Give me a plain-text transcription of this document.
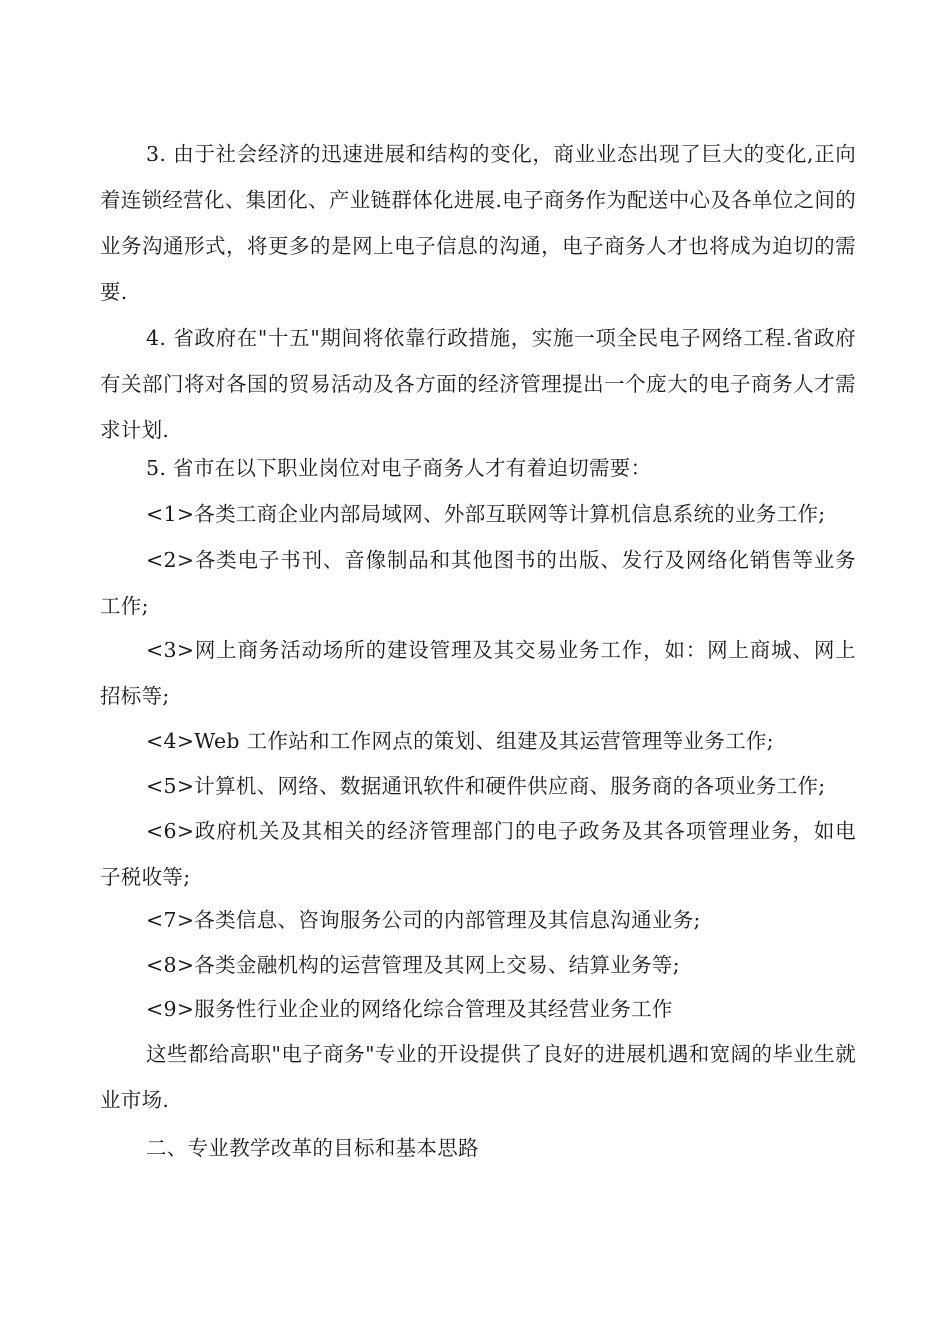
3. 由于社会经济的迅速进展和结构的变化，商业业态出现了巨大的变化,正向着连锁经营化、集团化、产业链群体化进展.电子商务作为配送中心及各单位之间的业务沟通形式，将更多的是网上电子信息的沟通，电子商务人才也将成为迫切的需要.

4. 省政府在"十五"期间将依靠行政措施，实施一项全民电子网络工程.省政府有关部门将对各国的贸易活动及各方面的经济管理提出一个庞大的电子商务人才需求计划.

5. 省市在以下职业岗位对电子商务人才有着迫切需要：

<1>各类工商企业内部局域网、外部互联网等计算机信息系统的业务工作;

<2>各类电子书刊、音像制品和其他图书的出版、发行及网络化销售等业务工作;

<3>网上商务活动场所的建设管理及其交易业务工作，如：网上商城、网上招标等;

<4>Web 工作站和工作网点的策划、组建及其运营管理等业务工作;

<5>计算机、网络、数据通讯软件和硬件供应商、服务商的各项业务工作;

<6>政府机关及其相关的经济管理部门的电子政务及其各项管理业务，如电子税收等;

<7>各类信息、咨询服务公司的内部管理及其信息沟通业务;

<8>各类金融机构的运营管理及其网上交易、结算业务等;

<9>服务性行业企业的网络化综合管理及其经营业务工作

这些都给高职"电子商务"专业的开设提供了良好的进展机遇和宽阔的毕业生就业市场.

二、专业教学改革的目标和基本思路
